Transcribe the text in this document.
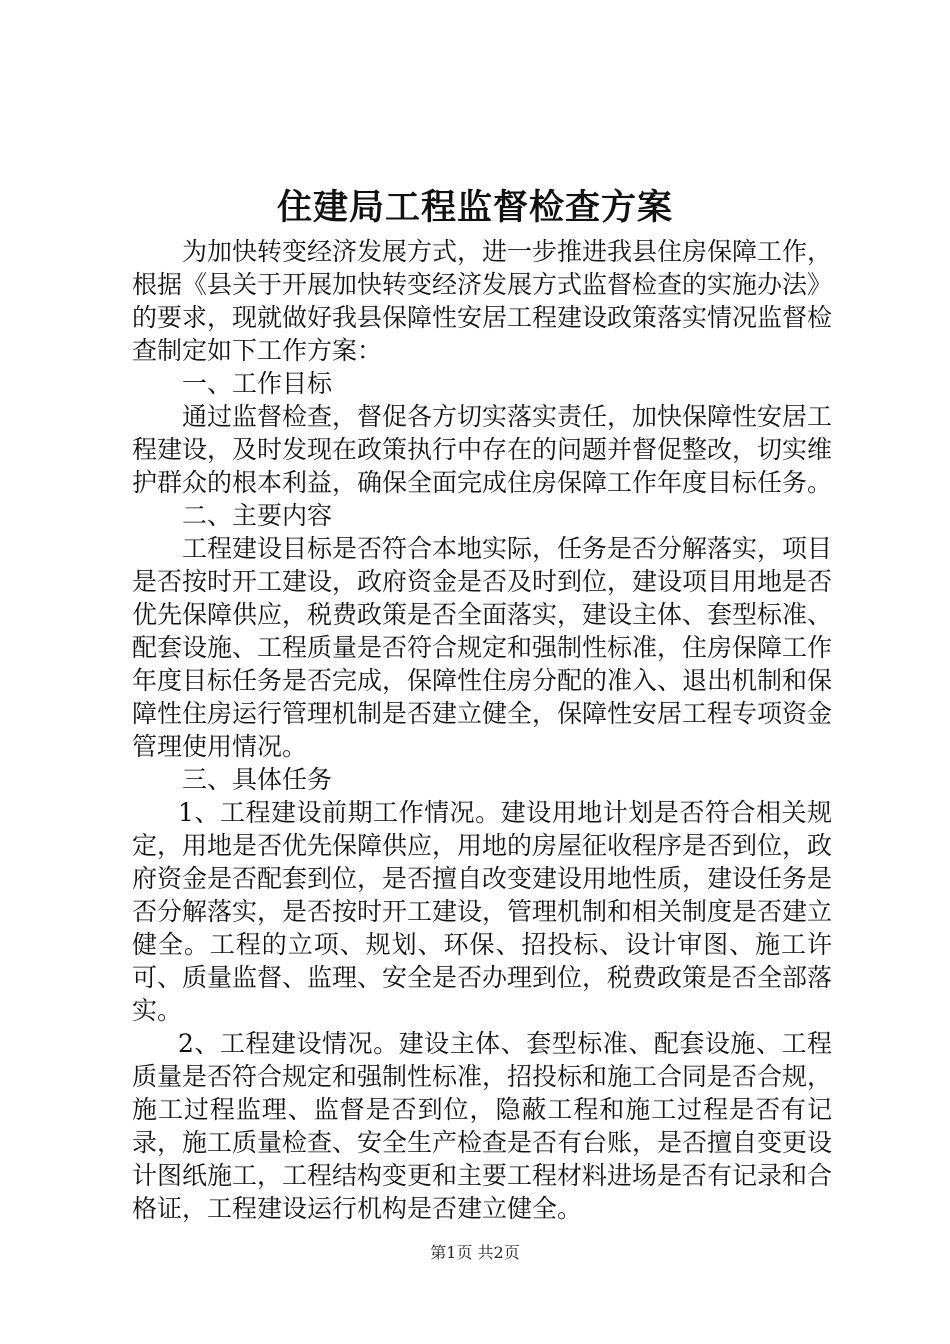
住建局工程监督检查方案

为加快转变经济发展方式，进一步推进我县住房保障工作，根据《县关于开展加快转变经济发展方式监督检查的实施办法》的要求，现就做好我县保障性安居工程建设政策落实情况监督检查制定如下工作方案：

一、工作目标

通过监督检查，督促各方切实落实责任，加快保障性安居工程建设，及时发现在政策执行中存在的问题并督促整改，切实维护群众的根本利益，确保全面完成住房保障工作年度目标任务。

二、主要内容

工程建设目标是否符合本地实际，任务是否分解落实，项目是否按时开工建设，政府资金是否及时到位，建设项目用地是否优先保障供应，税费政策是否全面落实，建设主体、套型标准、配套设施、工程质量是否符合规定和强制性标准，住房保障工作年度目标任务是否完成，保障性住房分配的准入、退出机制和保障性住房运行管理机制是否建立健全，保障性安居工程专项资金管理使用情况。

三、具体任务

1、工程建设前期工作情况。建设用地计划是否符合相关规定，用地是否优先保障供应，用地的房屋征收程序是否到位，政府资金是否配套到位，是否擅自改变建设用地性质，建设任务是否分解落实，是否按时开工建设，管理机制和相关制度是否建立健全。工程的立项、规划、环保、招投标、设计审图、施工许可、质量监督、监理、安全是否办理到位，税费政策是否全部落实。

2、工程建设情况。建设主体、套型标准、配套设施、工程质量是否符合规定和强制性标准，招投标和施工合同是否合规，施工过程监理、监督是否到位，隐蔽工程和施工过程是否有记录，施工质量检查、安全生产检查是否有台账，是否擅自变更设计图纸施工，工程结构变更和主要工程材料进场是否有记录和合格证，工程建设运行机构是否建立健全。

第1页 共2页
